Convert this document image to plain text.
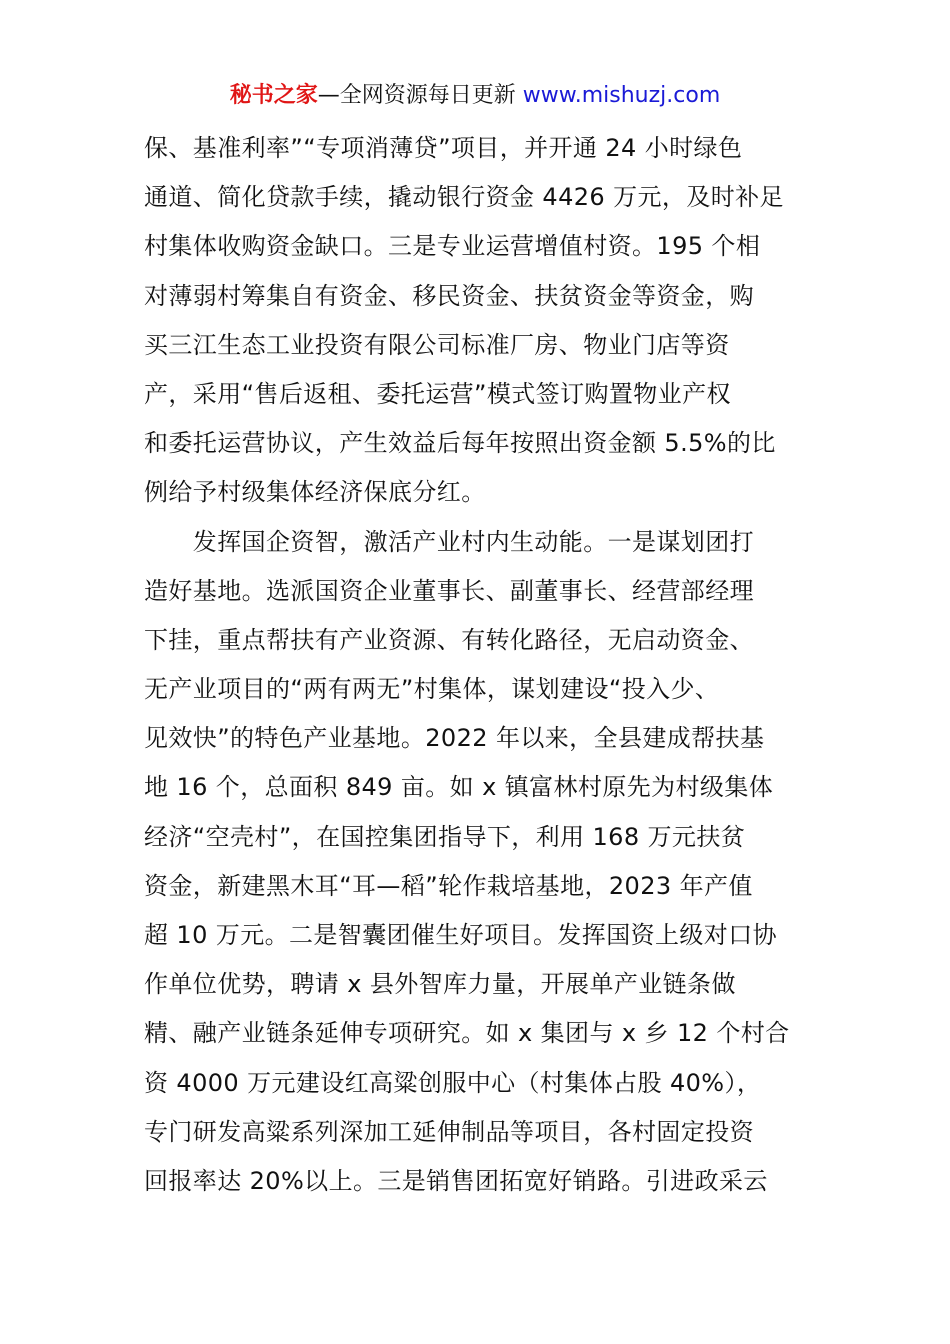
秘书之家—全网资源每日更新 www.mishuzj.com
保、基准利率”“专项消薄贷”项目，并开通 24 小时绿色
通道、简化贷款手续，撬动银行资金 4426 万元，及时补足
村集体收购资金缺口。三是专业运营增值村资。195 个相
对薄弱村筹集自有资金、移民资金、扶贫资金等资金，购
买三江生态工业投资有限公司标准厂房、物业门店等资
产，采用“售后返租、委托运营”模式签订购置物业产权
和委托运营协议，产生效益后每年按照出资金额 5.5%的比
例给予村级集体经济保底分红。
　　发挥国企资智，激活产业村内生动能。一是谋划团打
造好基地。选派国资企业董事长、副董事长、经营部经理
下挂，重点帮扶有产业资源、有转化路径，无启动资金、
无产业项目的“两有两无”村集体，谋划建设“投入少、
见效快”的特色产业基地。2022 年以来，全县建成帮扶基
地 16 个，总面积 849 亩。如 x 镇富林村原先为村级集体
经济“空壳村”，在国控集团指导下，利用 168 万元扶贫
资金，新建黑木耳“耳—稻”轮作栽培基地，2023 年产值
超 10 万元。二是智囊团催生好项目。发挥国资上级对口协
作单位优势，聘请 x 县外智库力量，开展单产业链条做
精、融产业链条延伸专项研究。如 x 集团与 x 乡 12 个村合
资 4000 万元建设红高粱创服中心（村集体占股 40%），
专门研发高粱系列深加工延伸制品等项目，各村固定投资
回报率达 20%以上。三是销售团拓宽好销路。引进政采云
